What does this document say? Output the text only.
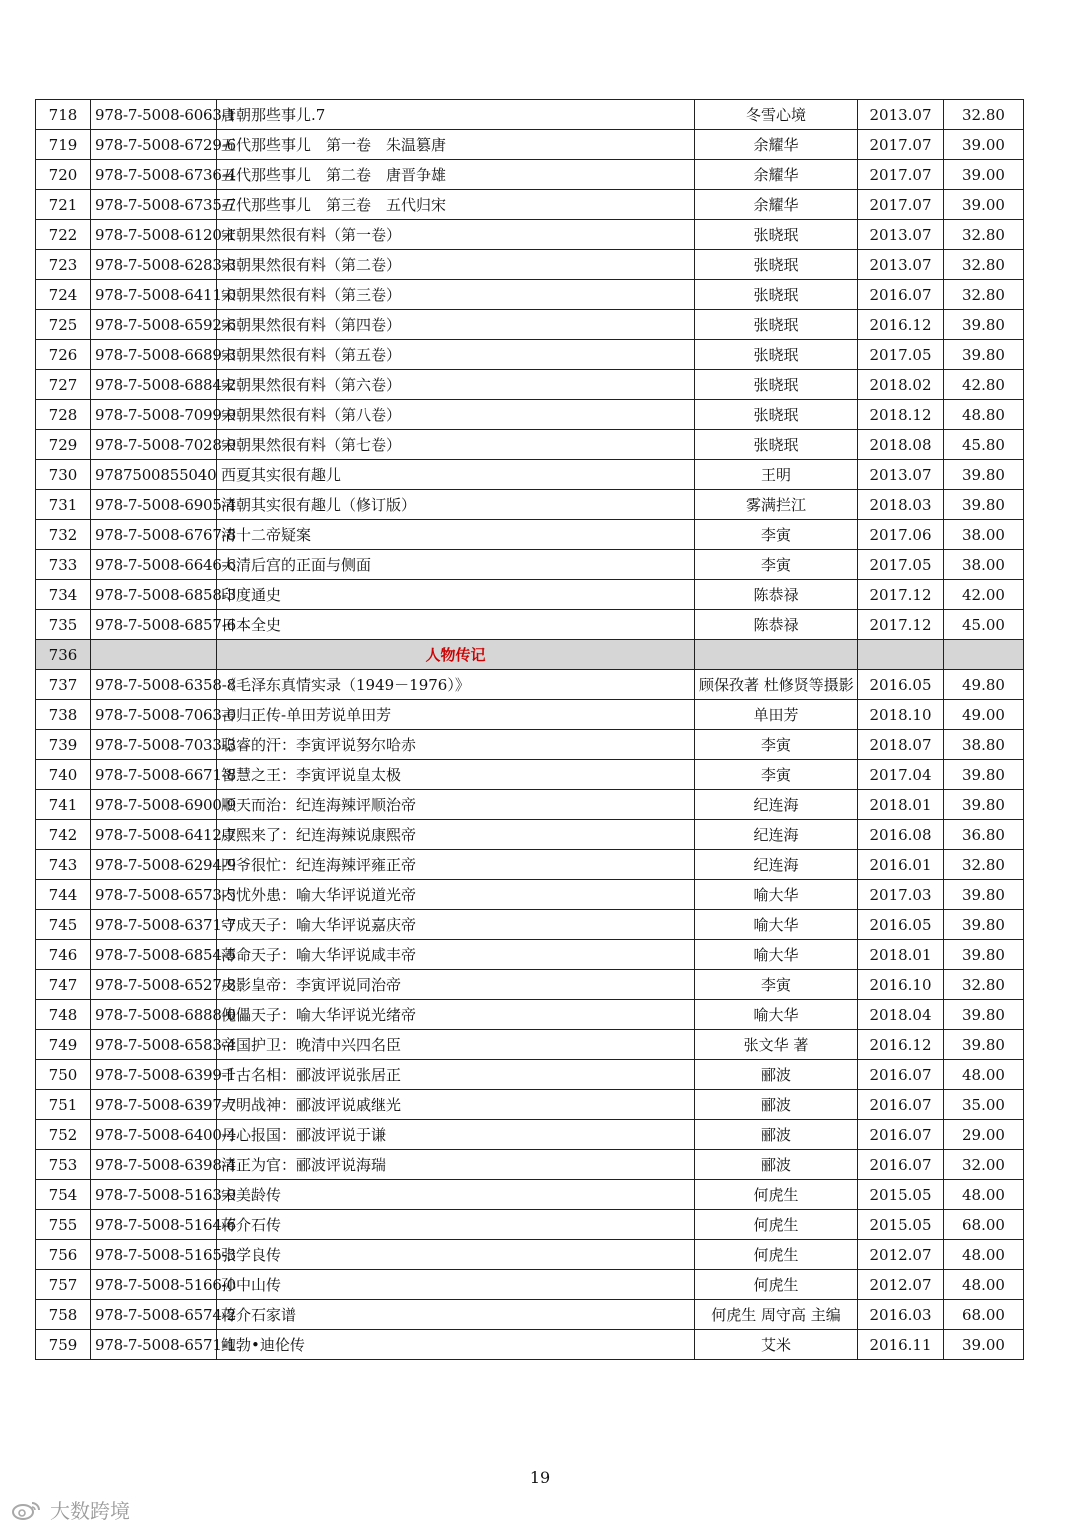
718	978-7-5008-6063-1	唐朝那些事儿.7	冬雪心境	2013.07	32.80
719	978-7-5008-6729-6	五代那些事儿　第一卷　朱温篡唐	余耀华	2017.07	39.00
720	978-7-5008-6736-4	五代那些事儿　第二卷　唐晋争雄	余耀华	2017.07	39.00
721	978-7-5008-6735-7	五代那些事儿　第三卷　五代归宋	余耀华	2017.07	39.00
722	978-7-5008-6120-1	宋朝果然很有料（第一卷）	张晓珉	2013.07	32.80
723	978-7-5008-6283-3	宋朝果然很有料（第二卷）	张晓珉	2013.07	32.80
724	978-7-5008-6411-0	宋朝果然很有料（第三卷）	张晓珉	2016.07	32.80
725	978-7-5008-6592-6	宋朝果然很有料（第四卷）	张晓珉	2016.12	39.80
726	978-7-5008-6689-3	宋朝果然很有料（第五卷）	张晓珉	2017.05	39.80
727	978-7-5008-6884-2	宋朝果然很有料（第六卷）	张晓珉	2018.02	42.80
728	978-7-5008-7099-9	宋朝果然很有料（第八卷）	张晓珉	2018.12	48.80
729	978-7-5008-7028-9	宋朝果然很有料（第七卷）	张晓珉	2018.08	45.80
730	9787500855040	西夏其实很有趣儿	王明	2013.07	39.80
731	978-7-5008-6905-4	清朝其实很有趣儿（修订版）	雾满拦江	2018.03	39.80
732	978-7-5008-6767-8	清十二帝疑案	李寅	2017.06	38.00
733	978-7-5008-6646-6	大清后宫的正面与侧面	李寅	2017.05	38.00
734	978-7-5008-6858-3	印度通史	陈恭禄	2017.12	42.00
735	978-7-5008-6857-6	日本全史	陈恭禄	2017.12	45.00
736		人物传记			
737	978-7-5008-6358-8	《毛泽东真情实录（1949－1976）》	顾保孜著 杜修贤等摄影	2016.05	49.80
738	978-7-5008-7063-0	言归正传-单田芳说单田芳	单田芳	2018.10	49.00
739	978-7-5008-7033-3	聪睿的汗：李寅评说努尔哈赤	李寅	2018.07	38.80
740	978-7-5008-6671-8	智慧之王：李寅评说皇太极	李寅	2017.04	39.80
741	978-7-5008-6900-9	顺天而治：纪连海辣评顺治帝	纪连海	2018.01	39.80
742	978-7-5008-6412-7	康熙来了：纪连海辣说康熙帝	纪连海	2016.08	36.80
743	978-7-5008-6294-9	四爷很忙：纪连海辣评雍正帝	纪连海	2016.01	32.80
744	978-7-5008-6573-5	内忧外患：喻大华评说道光帝	喻大华	2017.03	39.80
745	978-7-5008-6371-7	守成天子：喻大华评说嘉庆帝	喻大华	2016.05	39.80
746	978-7-5008-6854-5	薄命天子：喻大华评说咸丰帝	喻大华	2018.01	39.80
747	978-7-5008-6527-8	皮影皇帝：李寅评说同治帝	李寅	2016.10	32.80
748	978-7-5008-6888-0	傀儡天子：喻大华评说光绪帝	喻大华	2018.04	39.80
749	978-7-5008-6583-4	帝国护卫：晚清中兴四名臣	张文华 著	2016.12	39.80
750	978-7-5008-6399-1	千古名相：郦波评说张居正	郦波	2016.07	48.00
751	978-7-5008-6397-7	大明战神：郦波评说戚继光	郦波	2016.07	35.00
752	978-7-5008-6400-4	丹心报国：郦波评说于谦	郦波	2016.07	29.00
753	978-7-5008-6398-4	清正为官：郦波评说海瑞	郦波	2016.07	32.00
754	978-7-5008-5163-9	宋美龄传	何虎生	2015.05	48.00
755	978-7-5008-5164-6	蒋介石传	何虎生	2015.05	68.00
756	978-7-5008-5165-3	张学良传	何虎生	2012.07	48.00
757	978-7-5008-5166-0	孙中山传	何虎生	2012.07	48.00
758	978-7-5008-6574-2	蒋介石家谱	何虎生 周守高 主编	2016.03	68.00
759	978-7-5008-6571-1	鲍勃•迪伦传	艾米	2016.11	39.00
19
大数跨境
